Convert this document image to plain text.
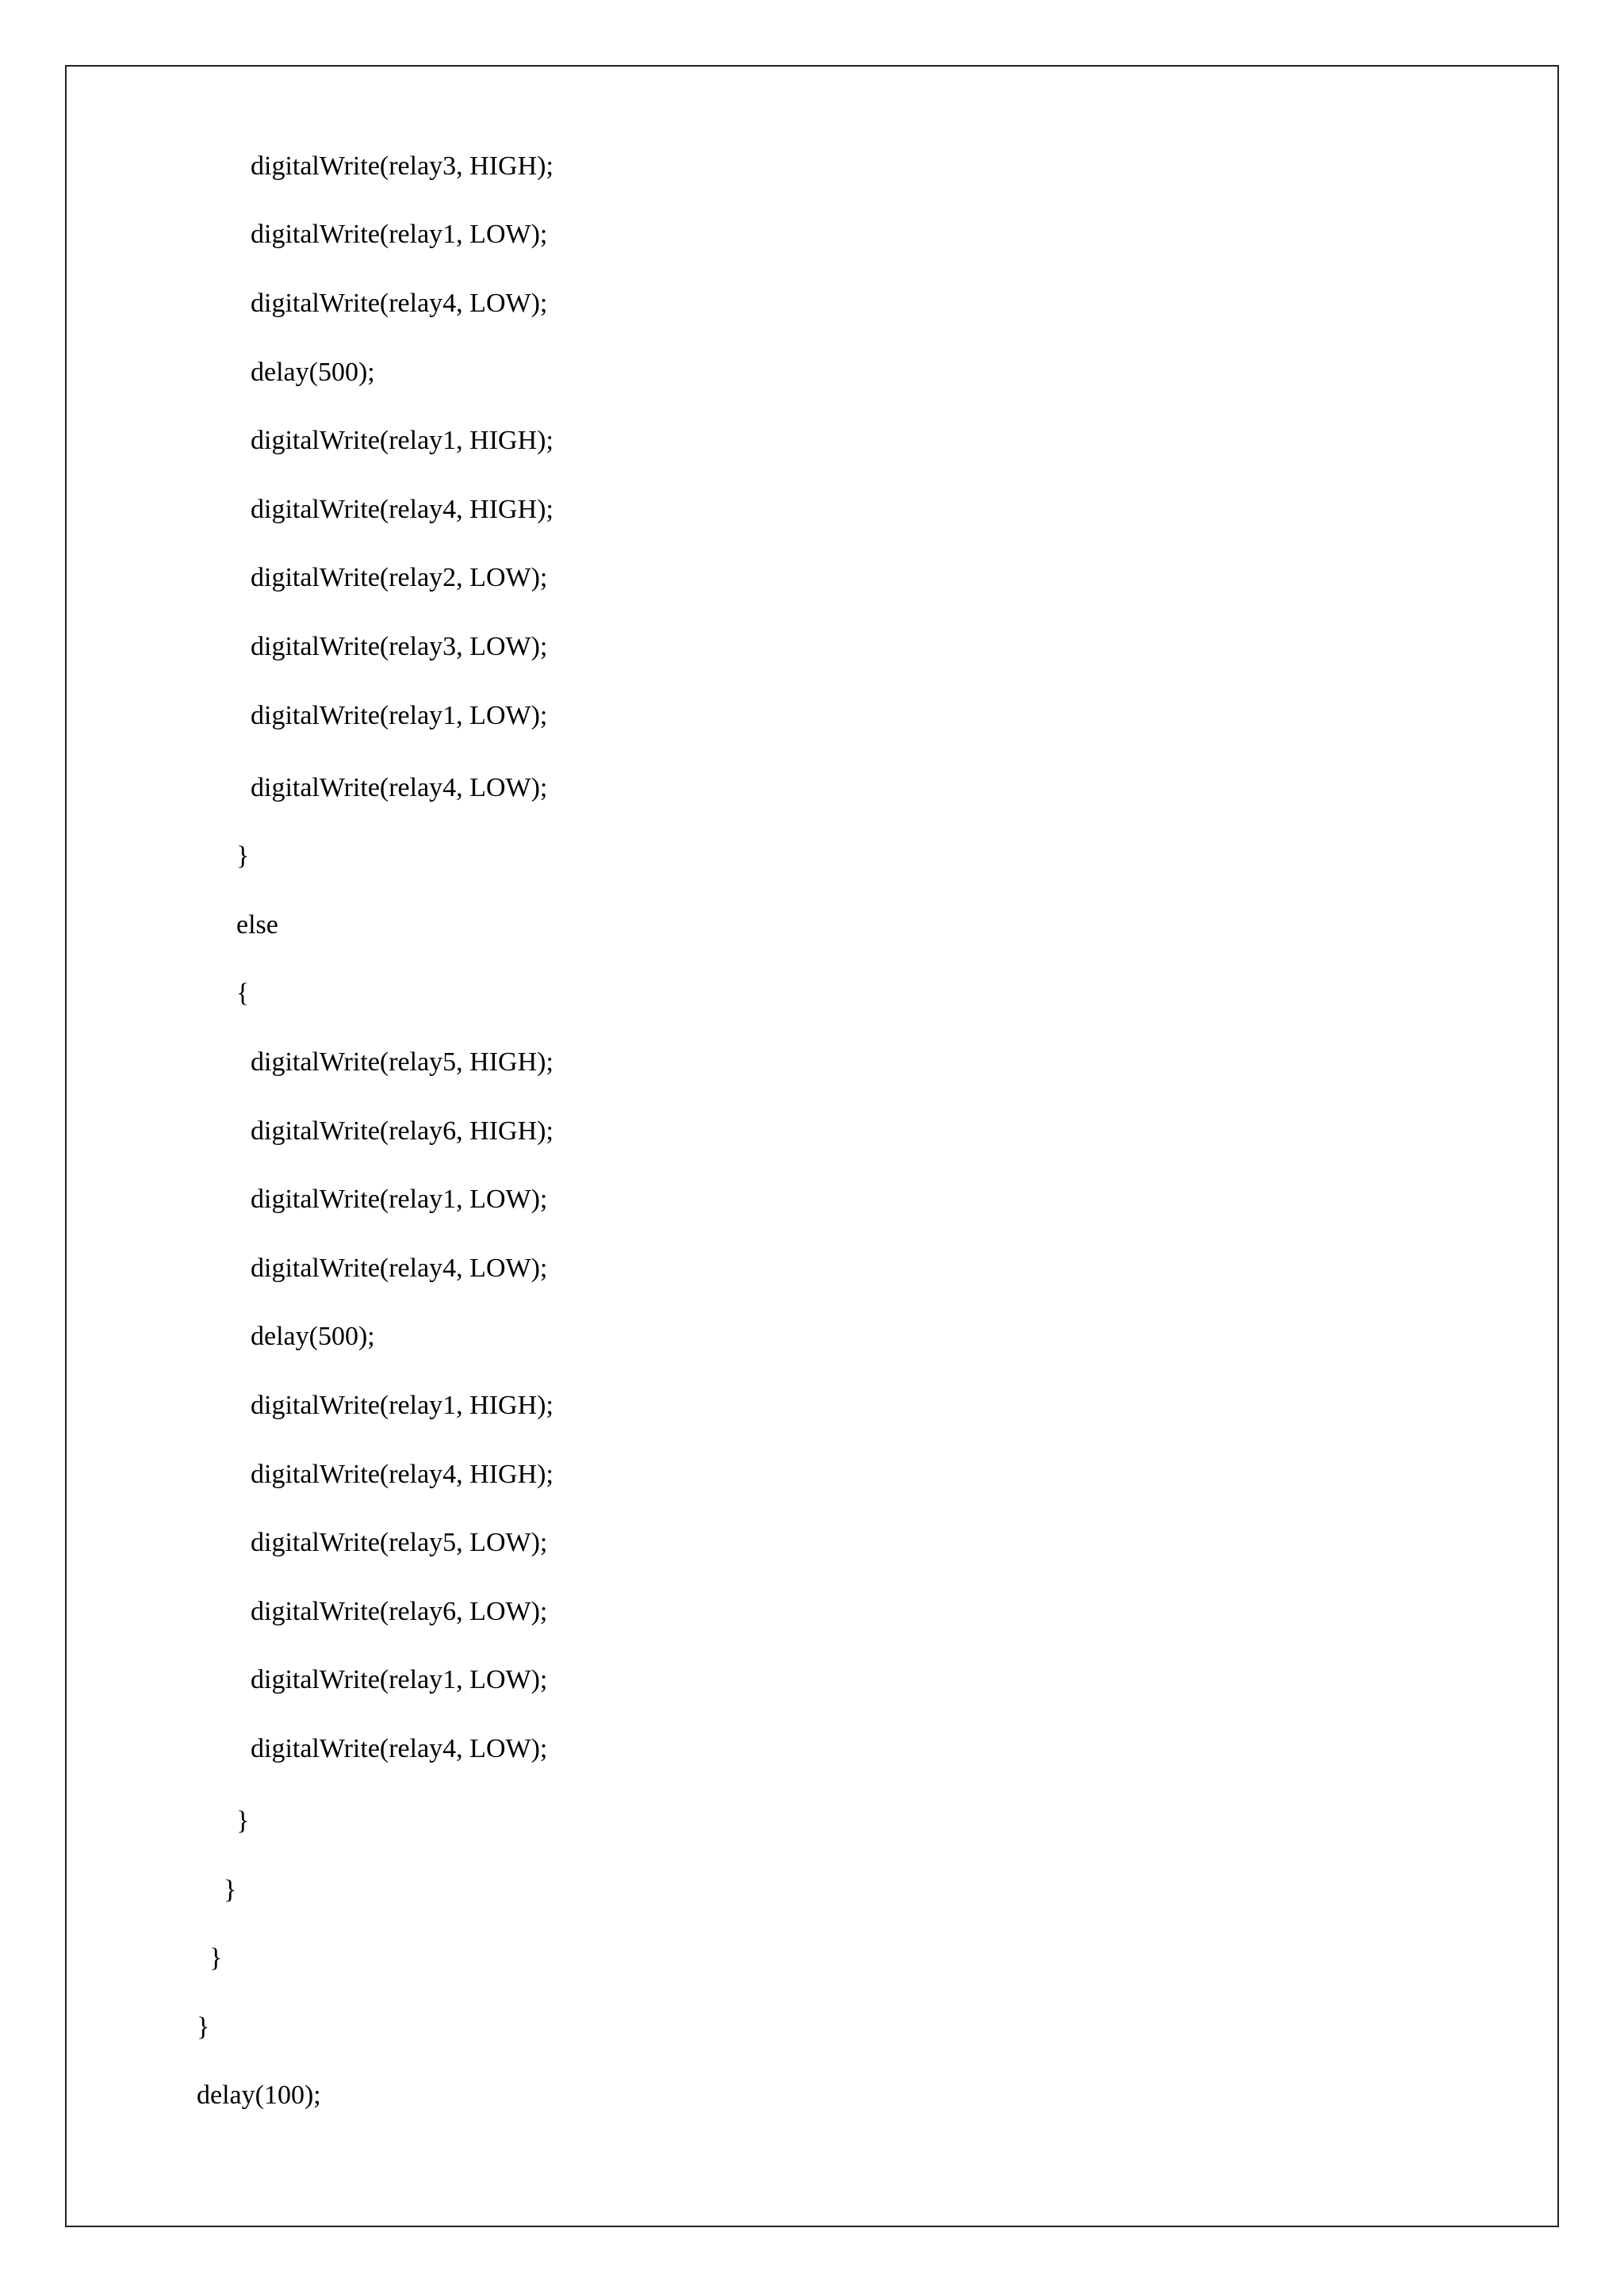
digitalWrite(relay3, HIGH);
digitalWrite(relay1, LOW);
digitalWrite(relay4, LOW);
delay(500);
digitalWrite(relay1, HIGH);
digitalWrite(relay4, HIGH);
digitalWrite(relay2, LOW);
digitalWrite(relay3, LOW);
digitalWrite(relay1, LOW);
digitalWrite(relay4, LOW);
}
else
{
digitalWrite(relay5, HIGH);
digitalWrite(relay6, HIGH);
digitalWrite(relay1, LOW);
digitalWrite(relay4, LOW);
delay(500);
digitalWrite(relay1, HIGH);
digitalWrite(relay4, HIGH);
digitalWrite(relay5, LOW);
digitalWrite(relay6, LOW);
digitalWrite(relay1, LOW);
digitalWrite(relay4, LOW);
}
}
}
}
delay(100);
